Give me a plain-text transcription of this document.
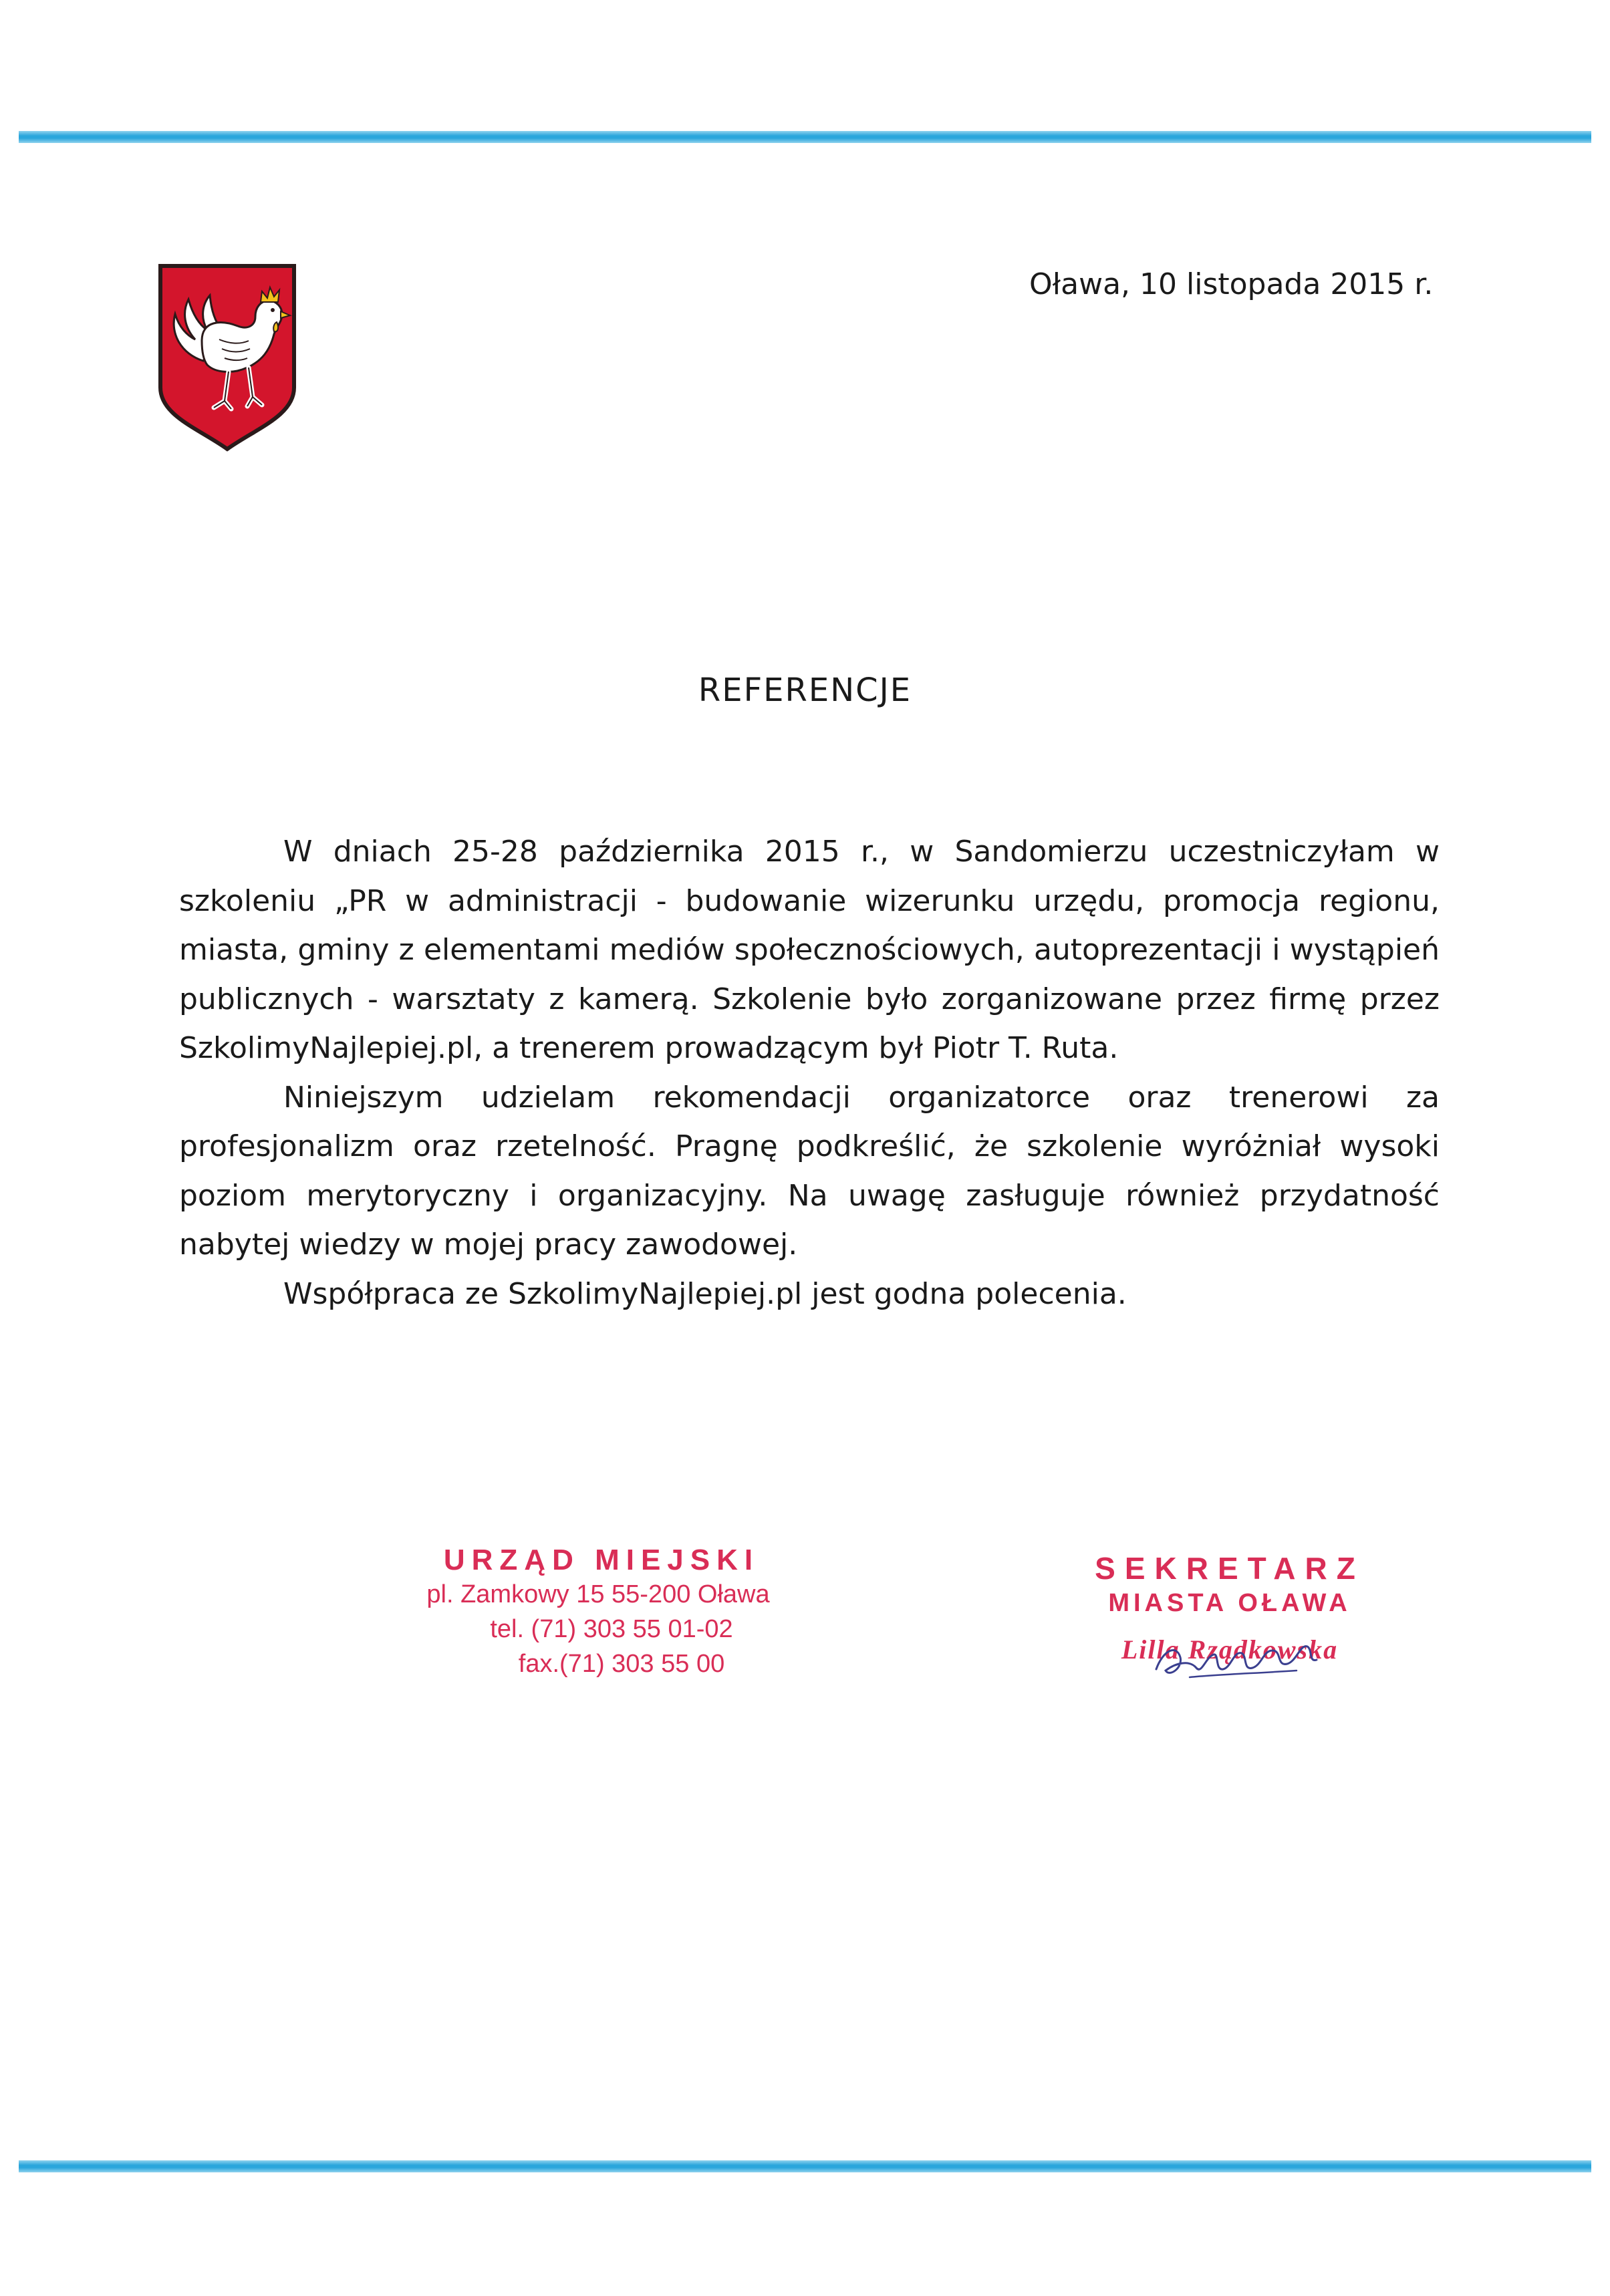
Oława, 10 listopada 2015 r.
REFERENCJE

W dniach 25-28 października 2015 r., w Sandomierzu uczestniczyłam w szkoleniu „PR w administracji - budowanie wizerunku urzędu, promocja regionu, miasta, gminy z elementami mediów społecznościowych, autoprezentacji i wystąpień publicznych - warsztaty z kamerą. Szkolenie było zorganizowane przez firmę przez SzkolimyNajlepiej.pl, a trenerem prowadzącym był Piotr T. Ruta.

Niniejszym udzielam rekomendacji organizatorce oraz trenerowi za profesjonalizm oraz rzetelność. Pragnę podkreślić, że szkolenie wyróżniał wysoki poziom merytoryczny i organizacyjny. Na uwagę zasługuje również przydatność nabytej wiedzy w mojej pracy zawodowej.

Współpraca ze SzkolimyNajlepiej.pl jest godna polecenia.

URZĄD MIEJSKI
pl. Zamkowy 15 55-200 Oława
tel. (71) 303 55 01-02
fax.(71) 303 55 00
SEKRETARZ
MIASTA OŁAWA
Lilla Rządkowska
